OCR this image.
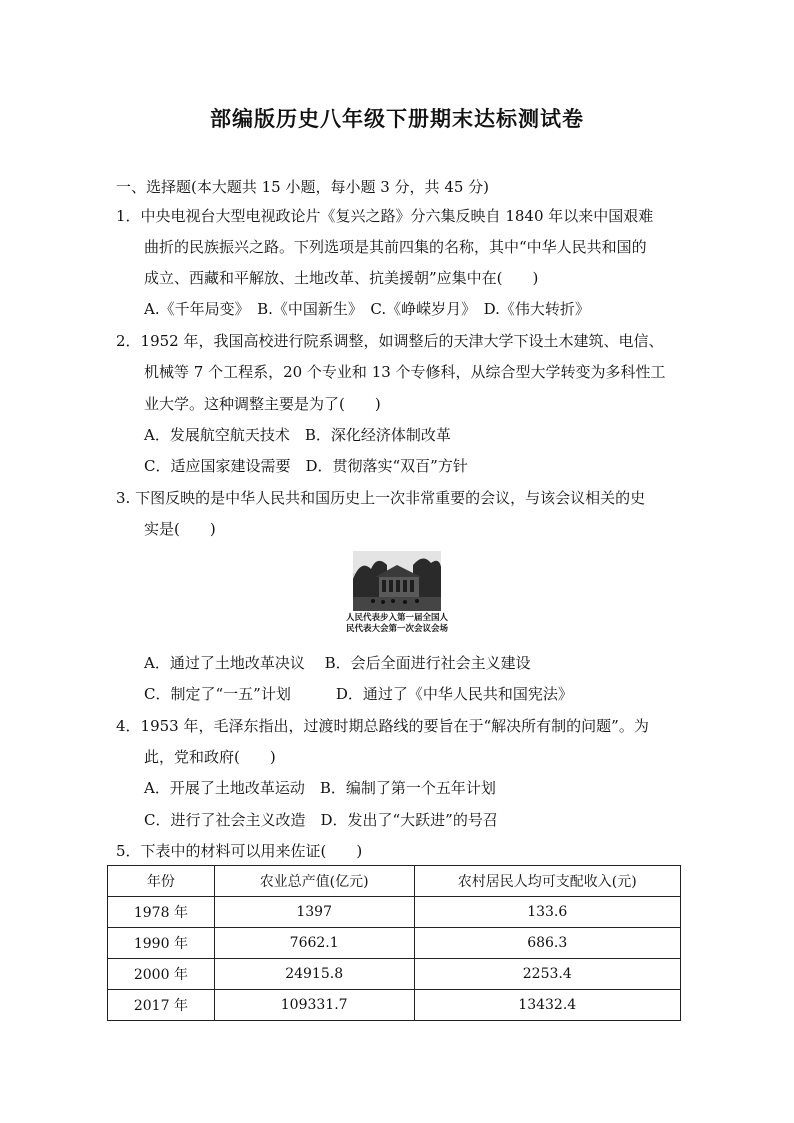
部编版历史八年级下册期末达标测试卷
一、选择题(本大题共 15 小题，每小题 3 分，共 45 分)
1．中央电视台大型电视政论片《复兴之路》分六集反映自 1840 年以来中国艰难
曲折的民族振兴之路。下列选项是其前四集的名称，其中“中华人民共和国的
成立、西藏和平解放、土地改革、抗美援朝”应集中在(　　)
A.《千年局变》　B.《中国新生》　C.《峥嵘岁月》　D.《伟大转折》
2．1952 年，我国高校进行院系调整，如调整后的天津大学下设土木建筑、电信、
机械等 7 个工程系，20 个专业和 13 个专修科，从综合型大学转变为多科性工
业大学。这种调整主要是为了(　　)
A．发展航空航天技术　B．深化经济体制改革
C．适应国家建设需要　D．贯彻落实“双百”方针
3. 下图反映的是中华人民共和国历史上一次非常重要的会议，与该会议相关的史
实是(　　)
人民代表步入第一届全国人
民代表大会第一次会议会场
A．通过了土地改革决议　 B．会后全面进行社会主义建设
C．制定了“一五”计划　　　D．通过了《中华人民共和国宪法》
4．1953 年，毛泽东指出，过渡时期总路线的要旨在于“解决所有制的问题”。为
此，党和政府(　　)
A．开展了土地改革运动　B．编制了第一个五年计划
C．进行了社会主义改造　D．发出了“大跃进”的号召
5．下表中的材料可以用来佐证(　　)
年份	农业总产值(亿元)	农村居民人均可支配收入(元)
1978 年	1397	133.6
1990 年	7662.1	686.3
2000 年	24915.8	2253.4
2017 年	109331.7	13432.4
